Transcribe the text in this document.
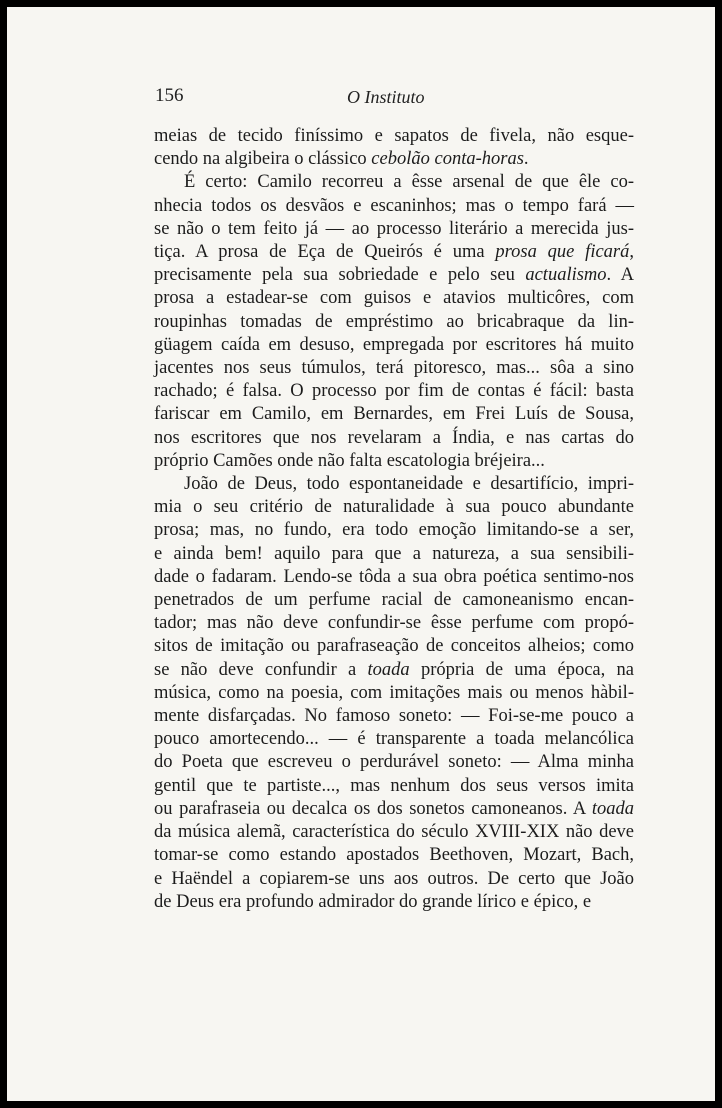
156	O Instituto
meias de tecido finíssimo e sapatos de fivela, não esque-
cendo na algibeira o clássico cebolão conta-horas.
É certo: Camilo recorreu a êsse arsenal de que êle co-
nhecia todos os desvãos e escaninhos; mas o tempo fará —
se não o tem feito já — ao processo literário a merecida jus-
tiça. A prosa de Eça de Queirós é uma prosa que ficará,
precisamente pela sua sobriedade e pelo seu actualismo. A
prosa a estadear-se com guisos e atavios multicôres, com
roupinhas tomadas de empréstimo ao bricabraque da lin-
güagem caída em desuso, empregada por escritores há muito
jacentes nos seus túmulos, terá pitoresco, mas... sôa a sino
rachado; é falsa. O processo por fim de contas é fácil: basta
fariscar em Camilo, em Bernardes, em Frei Luís de Sousa,
nos escritores que nos revelaram a Índia, e nas cartas do
próprio Camões onde não falta escatologia bréjeira...
João de Deus, todo espontaneidade e desartifício, impri-
mia o seu critério de naturalidade à sua pouco abundante
prosa; mas, no fundo, era todo emoção limitando-se a ser,
e ainda bem! aquilo para que a natureza, a sua sensibili-
dade o fadaram. Lendo-se tôda a sua obra poética sentimo-nos
penetrados de um perfume racial de camoneanismo encan-
tador; mas não deve confundir-se êsse perfume com propó-
sitos de imitação ou parafraseação de conceitos alheios; como
se não deve confundir a toada própria de uma época, na
música, como na poesia, com imitações mais ou menos hàbil-
mente disfarçadas. No famoso soneto: — Foi-se-me pouco a
pouco amortecendo... — é transparente a toada melancólica
do Poeta que escreveu o perdurável soneto: — Alma minha
gentil que te partiste..., mas nenhum dos seus versos imita
ou parafraseia ou decalca os dos sonetos camoneanos. A toada
da música alemã, característica do século XVIII-XIX não deve
tomar-se como estando apostados Beethoven, Mozart, Bach,
e Haëndel a copiarem-se uns aos outros. De certo que João
de Deus era profundo admirador do grande lírico e épico, e
